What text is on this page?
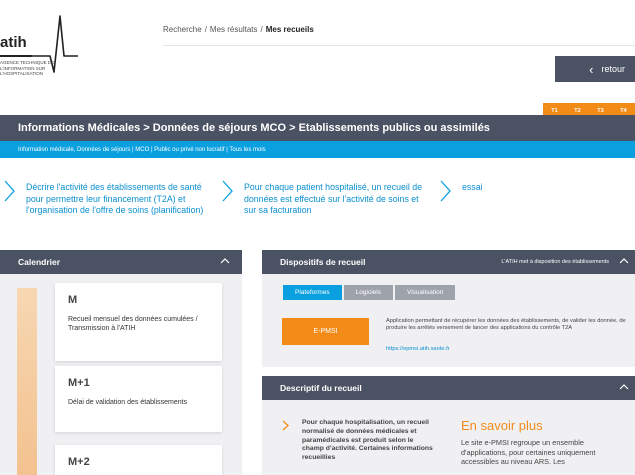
atih
AGENCE TECHNIQUE DE L'INFORMATION SUR L'HOSPITALISATION
Recherche / Mes résultats / Mes recueils
‹ retour
T1	T2	T3	T4
Informations Médicales > Données de séjours MCO > Etablissements publics ou assimilés
Information médicale, Données de séjours | MCO | Public ou privé non lucratif | Tous les mois
Décrire l'activité des établissements de santé pour permettre leur financement (T2A) et l'organisation de l'offre de soins (planification)
Pour chaque patient hospitalisé, un recueil de données est effectué sur l'activité de soins et sur sa facturation
essai
Calendrier
M
Recueil mensuel des données cumulées / Transmission à l'ATIH
M+1
Délai de validation des établissements
M+2
Dispositifs de recueil	L'ATIH met à disposition des établissements
Plateformes	Logiciels	Visualisation
E-PMSI
Application permettant de récupérer les données des établissements, de valider les donnée, de produire les arrêtés versement de lancer des applications du contrôle T2A
https://epmsi.atih.sante.fr
Descriptif du recueil
Pour chaque hospitalisation, un recueil normalisé de données médicales et paramédicales est produit selon le champ d'activité. Certaines informations recueillies
En savoir plus
Le site e-PMSI regroupe un ensemble d'applications, pour certaines uniquement accessibles au niveau ARS. Les
